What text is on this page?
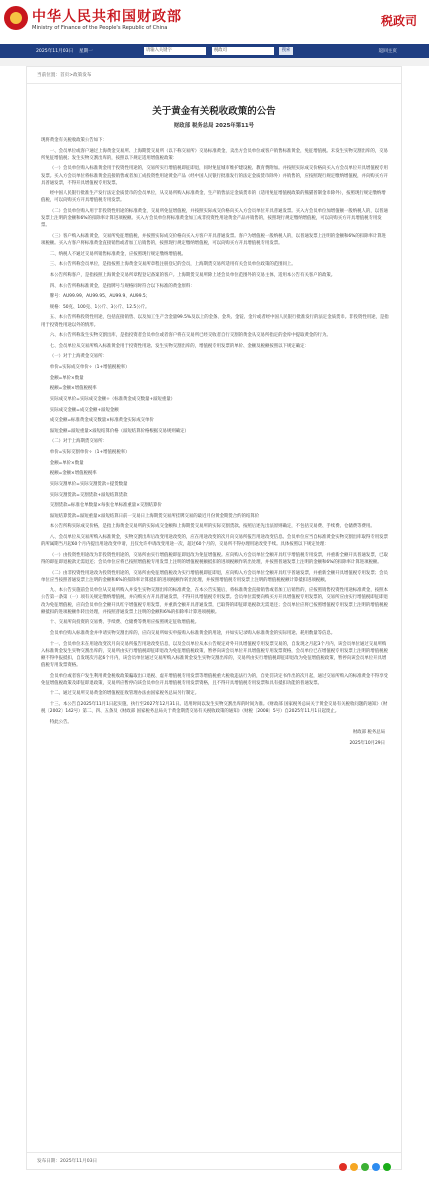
中华人民共和国财政部
Ministry of Finance of the People's Republic of China	税政司
2025年11月03日 星期一	请输入关键字	税政司	搜索	返回主页
当前位置：首页>政策发布
关于黄金有关税收政策的公告
财政部 税务总局 2025年第11号

现将黄金有关税收政策公告如下：

一、会员单位或客户通过上海黄金交易所、上海期货交易所（以下称交易所）交易标准黄金，卖出方会员单位或客户销售标准黄金，免征增值税。未发生实物交割出库的，交易所免征增值税；发生实物交割出库的，按照以下规定适用增值税政策：

（一）会员单位购入标准黄金用于投资性用途的，交易所实行增值税即征即退，同时免征城市维护建设税、教育费附加。并按照实际成交价格向买入方会员单位开具增值税专用发票。买入方会员单位将标准黄金直接销售或者加工成投资性用途黄金产品（经中国人民银行批准发行的法定金质货币除外）并销售的，应按照现行规定缴纳增值税，并向购买方开具普通发票，不得开具增值税专用发票。

经中国人民银行批准生产发行法定金质货币的会员单位，从交易所购入标准黄金，生产销售法定金质货币的（适用免征增值税政策的熊猫普制金币除外），按照现行规定缴纳增值税，可以向购买方开具增值税专用发票。

（二）会员单位购入用于非投资性用途的标准黄金，交易所免征增值税，并按照实际成交价格向买入方会员单位开具普通发票。买入方会员单位加增值额一般纳税人的，以普通发票上注明的金额和6%的扣除率计算进项税额。买入方会员单位将标准黄金加工成非投资性用途黄金产品并销售的，按照现行规定缴纳增值税，可以向购买方开具增值税专用发票。

（三）客户购入标准黄金，交易所免征增值税，并按照实际成交价格向买入方客户开具普通发票。客户为增值税一般纳税人的，以普通发票上注明的金额和6%的扣除率计算进项税额。买入方客户将标准黄金直接销售或者加工后销售的，按照现行规定缴纳增值税，可以向购买方开具增值税专用发票。

二、纳税人不通过交易所销售标准黄金，应按照现行规定缴纳增值税。

三、本公告所称会员单位，是指按照上海黄金交易所章程注册登记的会员，上海期货交易所适用有关会员单位政策的范围同上。

本公告所称客户，是指按照上海黄金交易所章程登记备案的客户。上海期货交易所除上述会员单位范围外的交易主体，适用本公告有关客户的政策。

四、本公告所称标准黄金，是指牌号与规格同时符合以下标准的黄金原料：

牌号：AU99.99、AU99.95、AU99.9、AU99.5；

规格：50克、100克、1公斤、3公斤、12.5公斤。

五、本公告所称投资性用途，包括直接销售、以及加工生产含金量99.5%及以上的金条、金块、金锭、金片或者经中国人民银行批准发行的法定金质货币。非投资性用途，是指用于投资性用途以外的情形。

六、本公告所称发生实物交割出库，是指投资者会员单位或者客户将在交易所已经交收者自行交割的黄金从交易所指定的金库中提取黄金的行为。

七、会员单位从交易所购入标准黄金用于投资性用途、发生实物交割出库的，增值税专用发票的单价、金额及税额按照以下规定确定：

（一）对于上海黄金交易所：

单价=实际成交单价÷（1+增值税税率）

金额=单价×数量

税额=金额×增值税税率

实际成交单价=实际成交金额÷（标准黄金成交数量+溢短重量）

实际成交金额=成交金额+溢短金额

成交金额=标准黄金成交数量×标准黄金实际成交单价

溢短金额=溢短重量×溢短结算价格（溢短结算价格根据交易规则确定）

（二）对于上海期货交易所：

单价=实际交割单价÷（1+增值税税率）

金额=单价×数量

税额=金额×增值税税率

实际交割单价=实际交割货款÷提货数量

实际交割货款=交割货款+溢短结算货款

交割货款=标准仓单数量×每张仓单标准重量×交割结算价

溢短结算货款=溢短重量×溢短结算日前一交易日上海期货交易所挂牌交易的最近月份黄金期货合约的结算价

本公告所称实际成交价格，是指上海黄金交易所的实际成交金额和上海期货交易所的实际交割货款。按照后述先出法原则确定，不包括交易费、手续费、仓储费等费用。

八、会员单位从交易所购入标准黄金，实物交割出库后改变用途改变的，应在用途改变的次月向交易所报告用途改变信息。会员单位应当自标准黄金实物交割出库取得专用发票的所属期当月起60个月内提出用途改变申请，且仅允许申请改变用途一次，超过60个月的，交易所不得办理用途改变手续。具体按照以下规定处理：

（一）由投资性用途改为非投资性用途的，交易所由实行增值税即征即退改为免征增值税。应向购入方会员单位全额开具红字增值税专用发票，并重新全额开具普通发票，已取得的即征即退税款无需退还；会员单位应将已按照增值税专用发票上注明的增值税税额抵扣的进项税额作转出处理，并按照普通发票上注明的金额和6%的扣除率计算进项税额。

（二）由非投资性用途改为投资性用途的，交易所由免征增值税改为实行增值税即征即退，应向购入方会员单位全额开具红字普通发票，并重新全额开具增值税专用发票；会员单位应当按照普通发票上注明的金额和6%的扣除率计算抵扣的进项税额作转出处理，并按照增值税专用发票上注明的增值税税额计算抵扣进项税额。

九、本公告实施前会员单位从交易所购入并发生实物交割出库的标准黄金，在本公告实施后，将标准黄金直接销售或者加工后销售的，应按照销售投资性用途标准黄金，按照本公告第一条第（一）项有关规定缴纳增值税，并向购买方开具普通发票，不得开具增值税专用发票。会员单位需要向购买方开具增值税专用发票的，交易所应由实行增值税即征即退改为免征增值税，应向会员单位全额开具红字增值税专用发票，并重新全额开具普通发票，已取得的即征即退税款无需退还；会员单位应将已按照增值税专用发票上注明的增值税税额抵扣的进项税额作转出处理，并按照普通发票上注明的金额和6%的扣除率计算进项税额。

十、交易所向投资的交易费、手续费、仓储费等费用应按照规定征收增值税。

会员单位购入标准黄金并申请实物交割出库的，应向交易所如实申报购入标准黄金的用途，并如实记录购入标准黄金的实际用途、耗用数量等信息。

十一、会员单位未在用途改变次月向交易所报告用途改变信息，以及会员单位从本公告规定对外开具增值税专用发票交易的，自发现之月起3个月内，该会员单位通过交易所购入标准黄金发生实物交割出库的，交易所由实行增值税即征即退改为免征增值税政策，暂停向该会员单位开具增值税专用发票资格，会员单位已在增值税专用发票上注明的增值税税额不得申报抵扣，自发现次月起6个月内，该会员单位通过交易所购入标准黄金发生实物交割出库的，交易所由实行增值税即征即退改为免征增值税政策，暂停向该会员单位开具增值税专用发票资格。

会员单位或者客户发生利用黄金税收政策骗取出口退税、虚开增值税专用发票等增值税重大税收违法行为的，自处罚决定书作出的次月起，通过交易所购入的标准黄金不得享受免征增值税政策及即征即退政策，交易所应暂停向该会员单位开具增值税专用发票资格，且不得开具增值税专用发票和具有抵扣功能的普通发票。

十二、通过交易所交易黄金的增值税征收管理办法由国家税务总局另行制定。

十三、本公告自2025年11月1日起实施，执行至2027年12月31日。适用时间以发生实物交割出库的时间为准。《财政部 国家税务总局关于黄金交易有关税收问题的通知》（财税〔2002〕142号）第二、四、五条及《财政部 国家税务总局关于黄金期货交易有关税收政策的通知》（财税〔2008〕5号）自2025年11月1日起废止。

特此公告。

财政部 税务总局

2025年10月29日

发布日期：2025年11月03日
